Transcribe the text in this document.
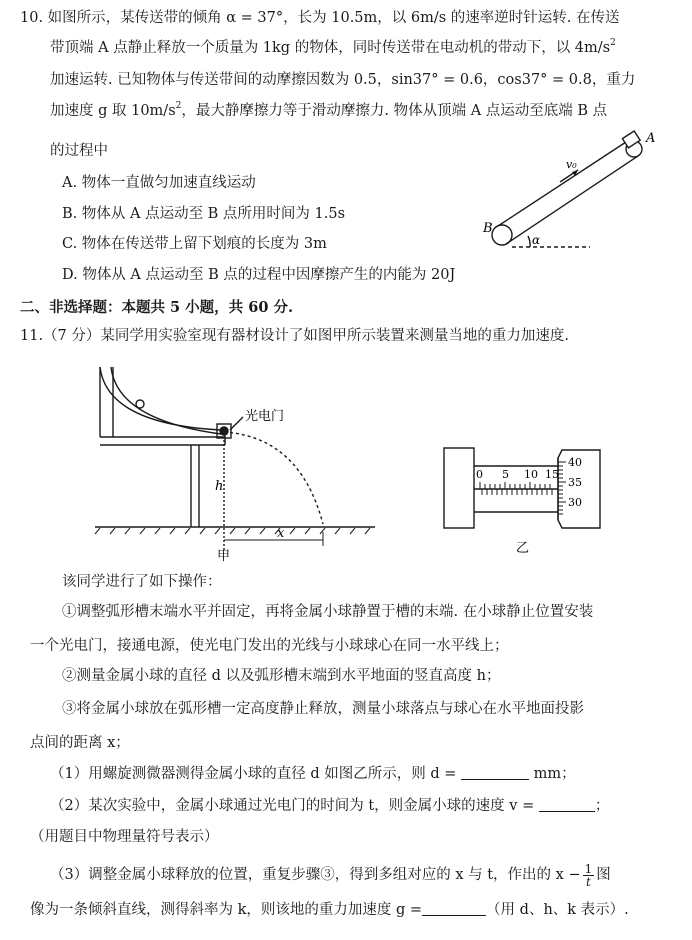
10. 如图所示，某传送带的倾角 α = 37°，长为 10.5m，以 6m/s 的速率逆时针运转. 在传送
带顶端 A 点静止释放一个质量为 1kg 的物体，同时传送带在电动机的带动下，以 $4m/s^2$
加速运转. 已知物体与传送带间的动摩擦因数为 0.5，sin37° = 0.6，cos37° = 0.8，重力
加速度 g 取 $10m/s^2$，最大静摩擦力等于滑动摩擦力. 物体从顶端 A 点运动至底端 B 点
的过程中
A. 物体一直做匀加速直线运动
B. 物体从 A 点运动至 B 点所用时间为 1.5s
C. 物体在传送带上留下划痕的长度为 3m
D. 物体从 A 点运动至 B 点的过程中因摩擦产生的内能为 20J
B
A
v₀
α
二、非选择题：本题共 5 小题，共 60 分.
11.（7 分）某同学用实验室现有器材设计了如图甲所示装置来测量当地的重力加速度.
光电门
h
x
甲
0 5 10 15
40
35
30
乙
该同学进行了如下操作：
①调整弧形槽末端水平并固定，再将金属小球静置于槽的末端. 在小球静止位置安装
一个光电门，接通电源，使光电门发出的光线与小球球心在同一水平线上；
②测量金属小球的直径 d 以及弧形槽末端到水平地面的竖直高度 h；
③将金属小球放在弧形槽一定高度静止释放，测量小球落点与球心在水平地面投影
点间的距离 x；
（1）用螺旋测微器测得金属小球的直径 d 如图乙所示，则 d =	mm；
（2）某次实验中，金属小球通过光电门的时间为 t，则金属小球的速度 v =	；
（用题目中物理量符号表示）
（3）调整金属小球释放的位置，重复步骤③，得到多组对应的 x 与 t，作出的 $x - \frac{1}{t}$ 图
像为一条倾斜直线，测得斜率为 k，则该地的重力加速度 g =	（用 d、h、k 表示）.
